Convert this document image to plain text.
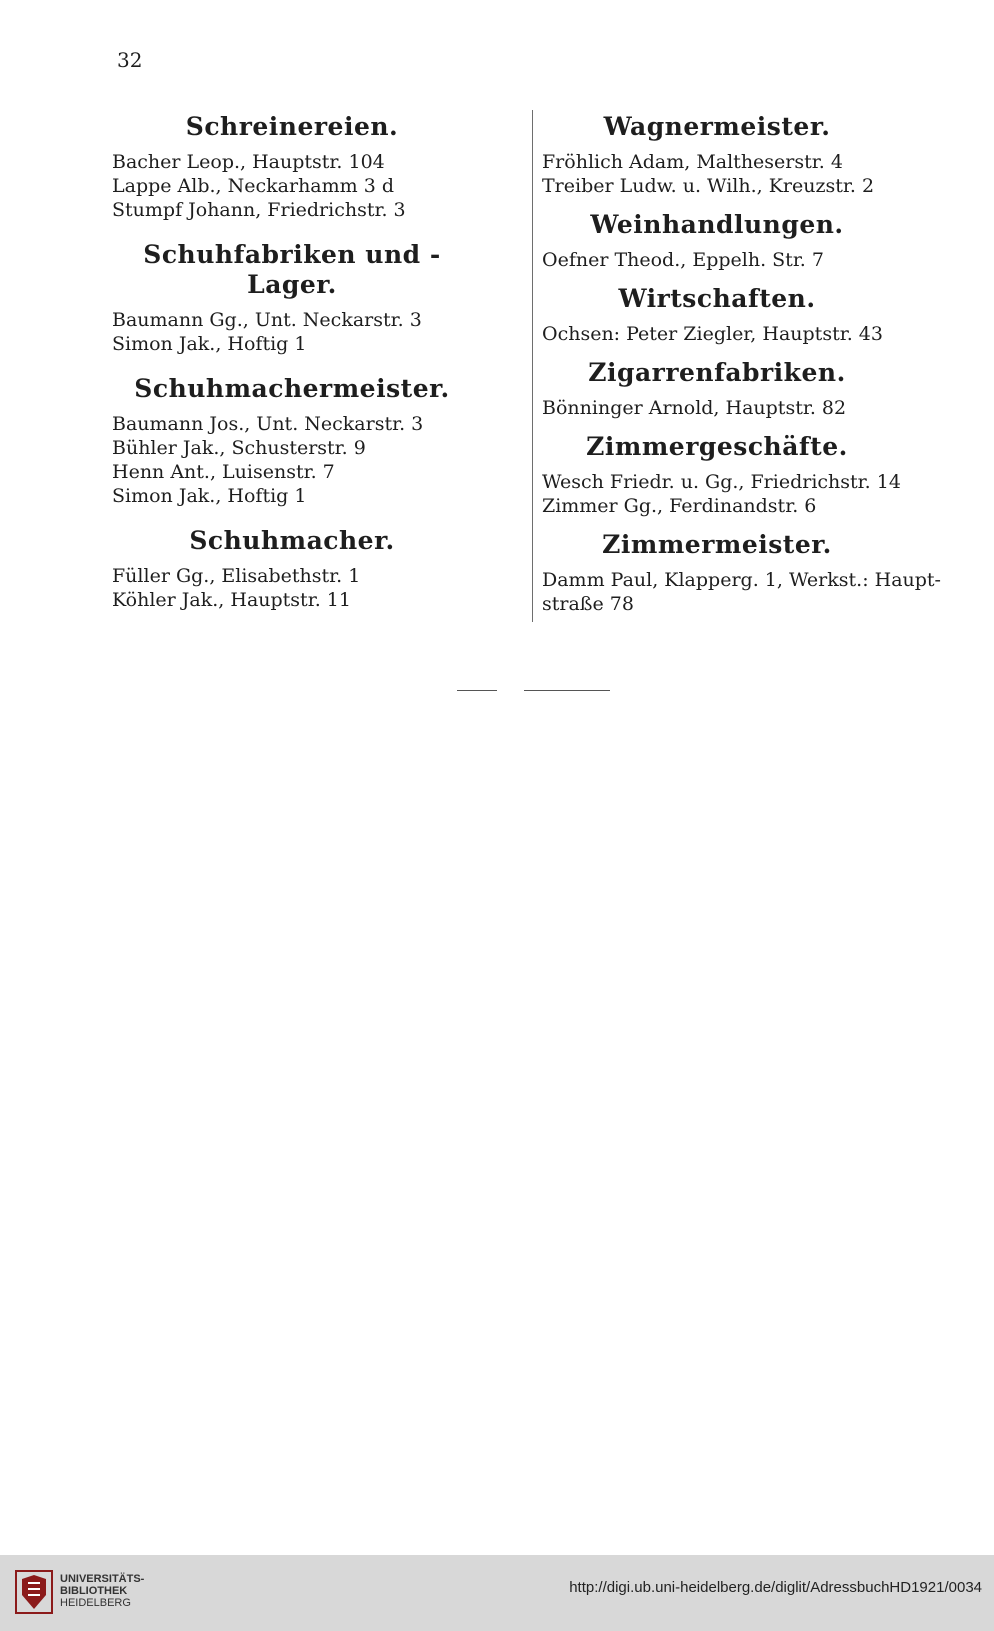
32
Schreinereien.
Bacher Leop., Hauptstr. 104
Lappe Alb., Neckarhamm 3 d
Stumpf Johann, Friedrichstr. 3
Schuhfabriken und -Lager.
Baumann Gg., Unt. Neckarstr. 3
Simon Jak., Hoftig 1
Schuhmachermeister.
Baumann Jos., Unt. Neckarstr. 3
Bühler Jak., Schusterstr. 9
Henn Ant., Luisenstr. 7
Simon Jak., Hoftig 1
Schuhmacher.
Füller Gg., Elisabethstr. 1
Köhler Jak., Hauptstr. 11
Wagnermeister.
Fröhlich Adam, Maltheserstr. 4
Treiber Ludw. u. Wilh., Kreuzstr. 2
Weinhandlungen.
Oefner Theod., Eppelh. Str. 7
Wirtschaften.
Ochsen: Peter Ziegler, Hauptstr. 43
Zigarrenfabriken.
Bönninger Arnold, Hauptstr. 82
Zimmergeschäfte.
Wesch Friedr. u. Gg., Friedrichstr. 14
Zimmer Gg., Ferdinandstr. 6
Zimmermeister.
Damm Paul, Klapperg. 1, Werkst.: Haupt-straße 78
UNIVERSITÄTS-
BIBLIOTHEK
HEIDELBERG
http://digi.ub.uni-heidelberg.de/diglit/AdressbuchHD1921/0034
